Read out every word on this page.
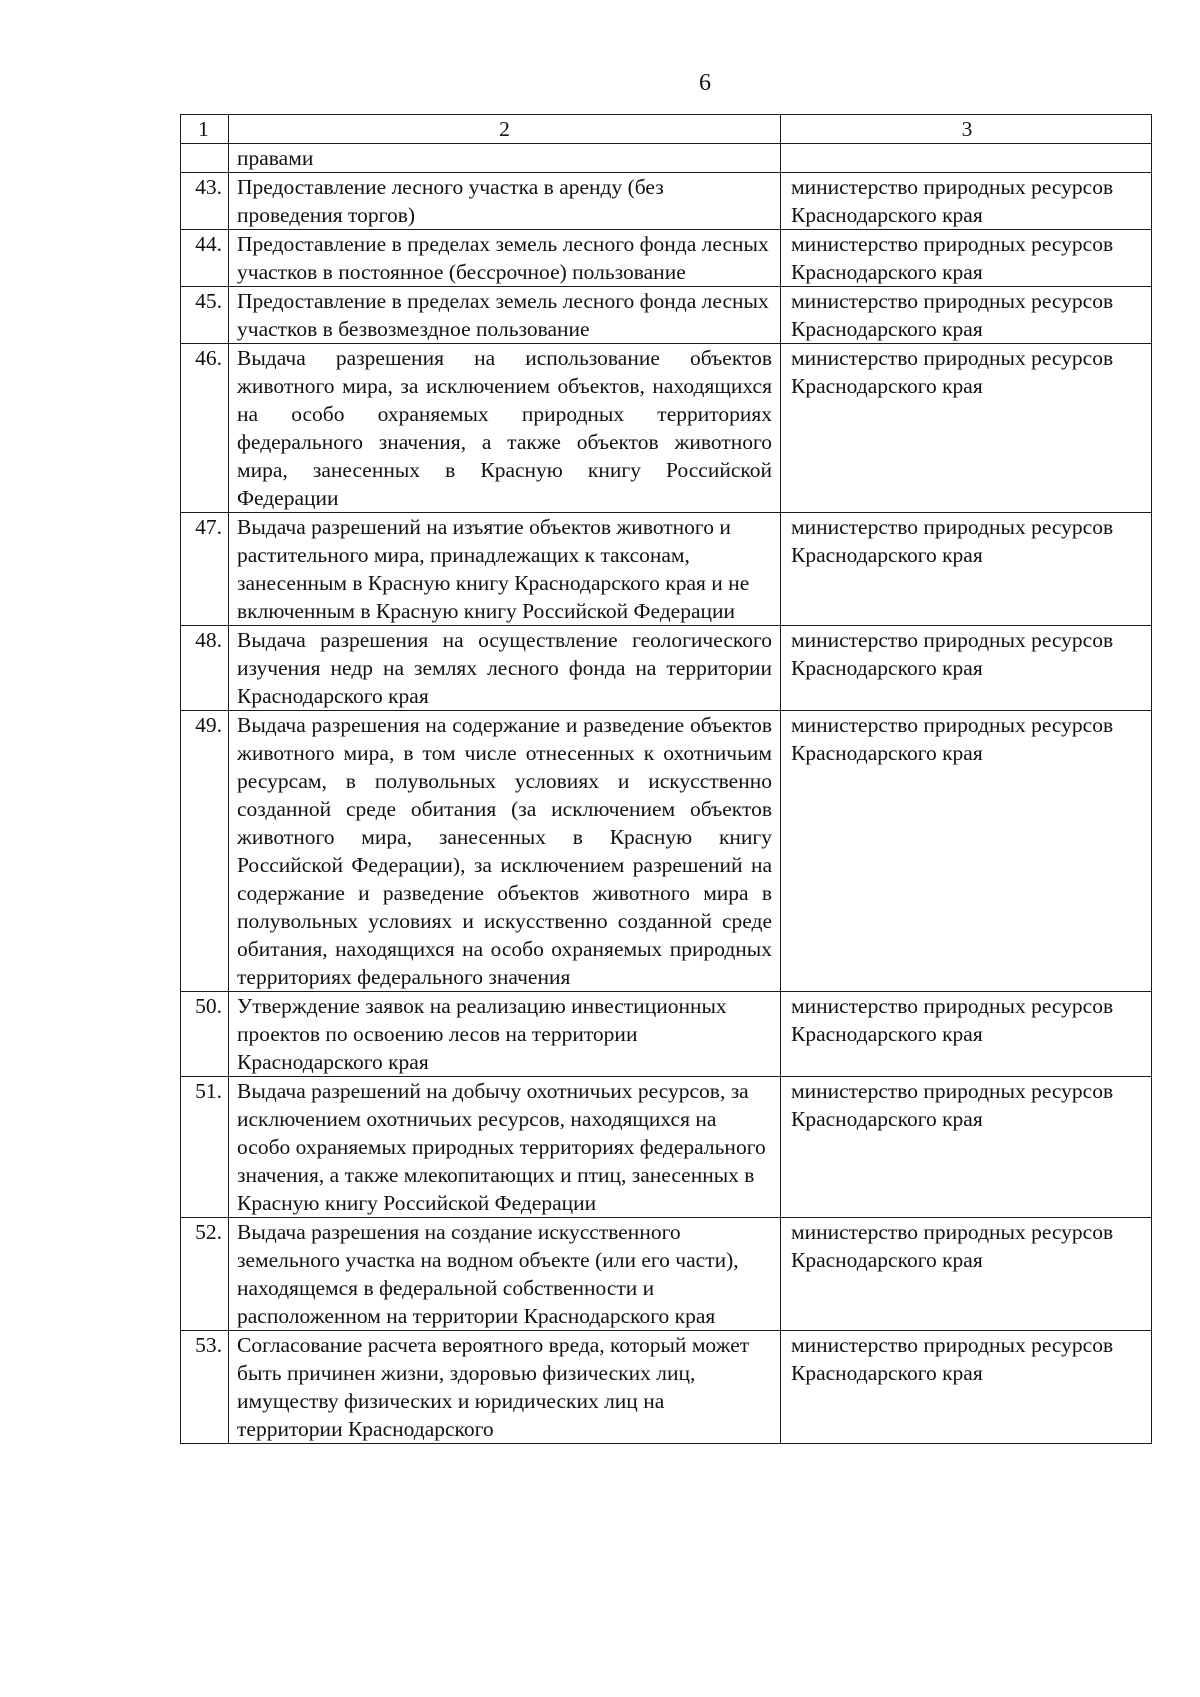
6
1	2	3
	правами	
43.	Предоставление лесного участка в аренду (без проведения торгов)	министерство природных ресурсов Краснодарского края
44.	Предоставление в пределах земель лесного фонда лесных участков в постоянное (бессрочное) пользование	министерство природных ресурсов Краснодарского края
45.	Предоставление в пределах земель лесного фонда лесных участков в безвозмездное пользование	министерство природных ресурсов Краснодарского края
46.	Выдача разрешения на использование объектов животного мира, за исключением объектов, находящихся на особо охраняемых природных территориях федерального значения, а также объектов животного мира, занесенных в Красную книгу Российской Федерации	министерство природных ресурсов Краснодарского края
47.	Выдача разрешений на изъятие объектов животного и растительного мира, принадлежащих к таксонам, занесенным в Красную книгу Краснодарского края и не включенным в Красную книгу Российской Федерации	министерство природных ресурсов Краснодарского края
48.	Выдача разрешения на осуществление геологического изучения недр на землях лесного фонда на территории Краснодарского края	министерство природных ресурсов Краснодарского края
49.	Выдача разрешения на содержание и разведение объектов животного мира, в том числе отнесенных к охотничьим ресурсам, в полувольных условиях и искусственно созданной среде обитания (за исключением объектов животного мира, занесенных в Красную книгу Российской Федерации), за исключением разрешений на содержание и разведение объектов животного мира в полувольных условиях и искусственно созданной среде обитания, находящихся на особо охраняемых природных территориях федерального значения	министерство природных ресурсов Краснодарского края
50.	Утверждение заявок на реализацию инвестиционных проектов по освоению лесов на территории Краснодарского края	министерство природных ресурсов Краснодарского края
51.	Выдача разрешений на добычу охотничьих ресурсов, за исключением охотничьих ресурсов, находящихся на особо охраняемых природных территориях федерального значения, а также млекопитающих и птиц, занесенных в Красную книгу Российской Федерации	министерство природных ресурсов Краснодарского края
52.	Выдача разрешения на создание искусственного земельного участка на водном объекте (или его части), находящемся в федеральной собственности и расположенном на территории Краснодарского края	министерство природных ресурсов Краснодарского края
53.	Согласование расчета вероятного вреда, который может быть причинен жизни, здоровью физических лиц, имуществу физических и юридических лиц на территории Краснодарского	министерство природных ресурсов Краснодарского края
